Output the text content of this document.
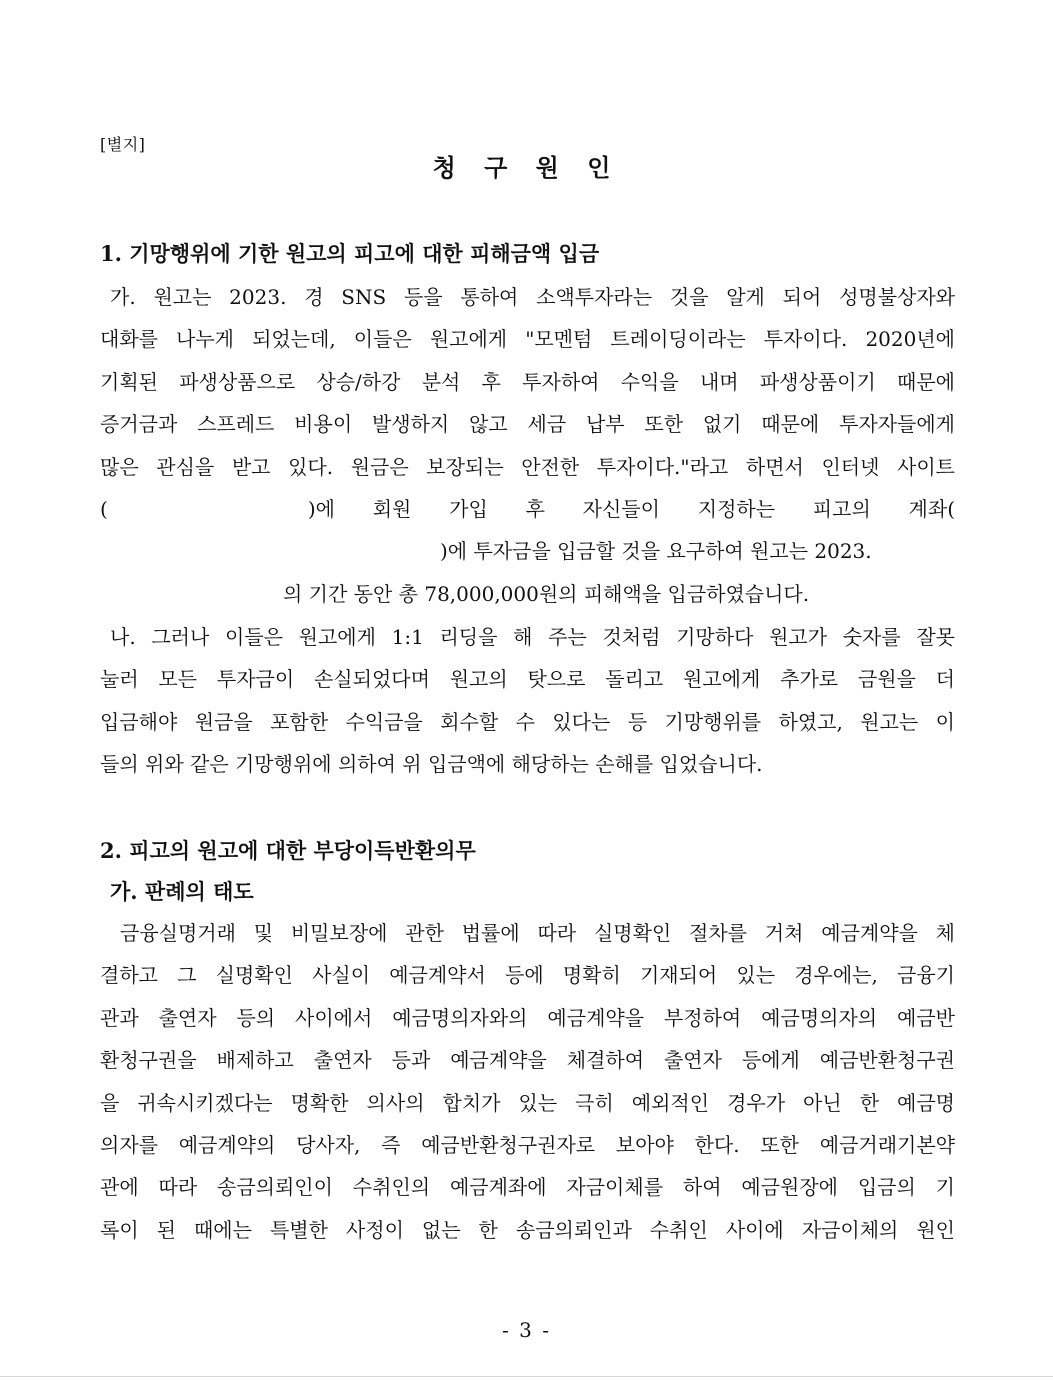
[별지]
청 구 원 인
1. 기망행위에 기한 원고의 피고에 대한 피해금액 입금
가. 원고는 2023. 경 SNS 등을 통하여 소액투자라는 것을 알게 되어 성명불상자와
대화를 나누게 되었는데, 이들은 원고에게 "모멘텀 트레이딩이라는 투자이다. 2020년에
기획된 파생상품으로 상승/하강 분석 후 투자하여 수익을 내며 파생상품이기 때문에
증거금과 스프레드 비용이 발생하지 않고 세금 납부 또한 없기 때문에 투자자들에게
많은 관심을 받고 있다. 원금은 보장되는 안전한 투자이다."라고 하면서 인터넷 사이트
(	)에 회원 가입 후 자신들이 지정하는 피고의 계좌(
)에 투자금을 입금할 것을 요구하여 원고는 2023.
의 기간 동안 총 78,000,000원의 피해액을 입금하였습니다.
나. 그러나 이들은 원고에게 1:1 리딩을 해 주는 것처럼 기망하다 원고가 숫자를 잘못
눌러 모든 투자금이 손실되었다며 원고의 탓으로 돌리고 원고에게 추가로 금원을 더
입금해야 원금을 포함한 수익금을 회수할 수 있다는 등 기망행위를 하였고, 원고는 이
들의 위와 같은 기망행위에 의하여 위 입금액에 해당하는 손해를 입었습니다.
2. 피고의 원고에 대한 부당이득반환의무
가. 판례의 태도
금융실명거래 및 비밀보장에 관한 법률에 따라 실명확인 절차를 거쳐 예금계약을 체
결하고 그 실명확인 사실이 예금계약서 등에 명확히 기재되어 있는 경우에는, 금융기
관과 출연자 등의 사이에서 예금명의자와의 예금계약을 부정하여 예금명의자의 예금반
환청구권을 배제하고 출연자 등과 예금계약을 체결하여 출연자 등에게 예금반환청구권
을 귀속시키겠다는 명확한 의사의 합치가 있는 극히 예외적인 경우가 아닌 한 예금명
의자를 예금계약의 당사자, 즉 예금반환청구권자로 보아야 한다. 또한 예금거래기본약
관에 따라 송금의뢰인이 수취인의 예금계좌에 자금이체를 하여 예금원장에 입금의 기
록이 된 때에는 특별한 사정이 없는 한 송금의뢰인과 수취인 사이에 자금이체의 원인
- 3 -
